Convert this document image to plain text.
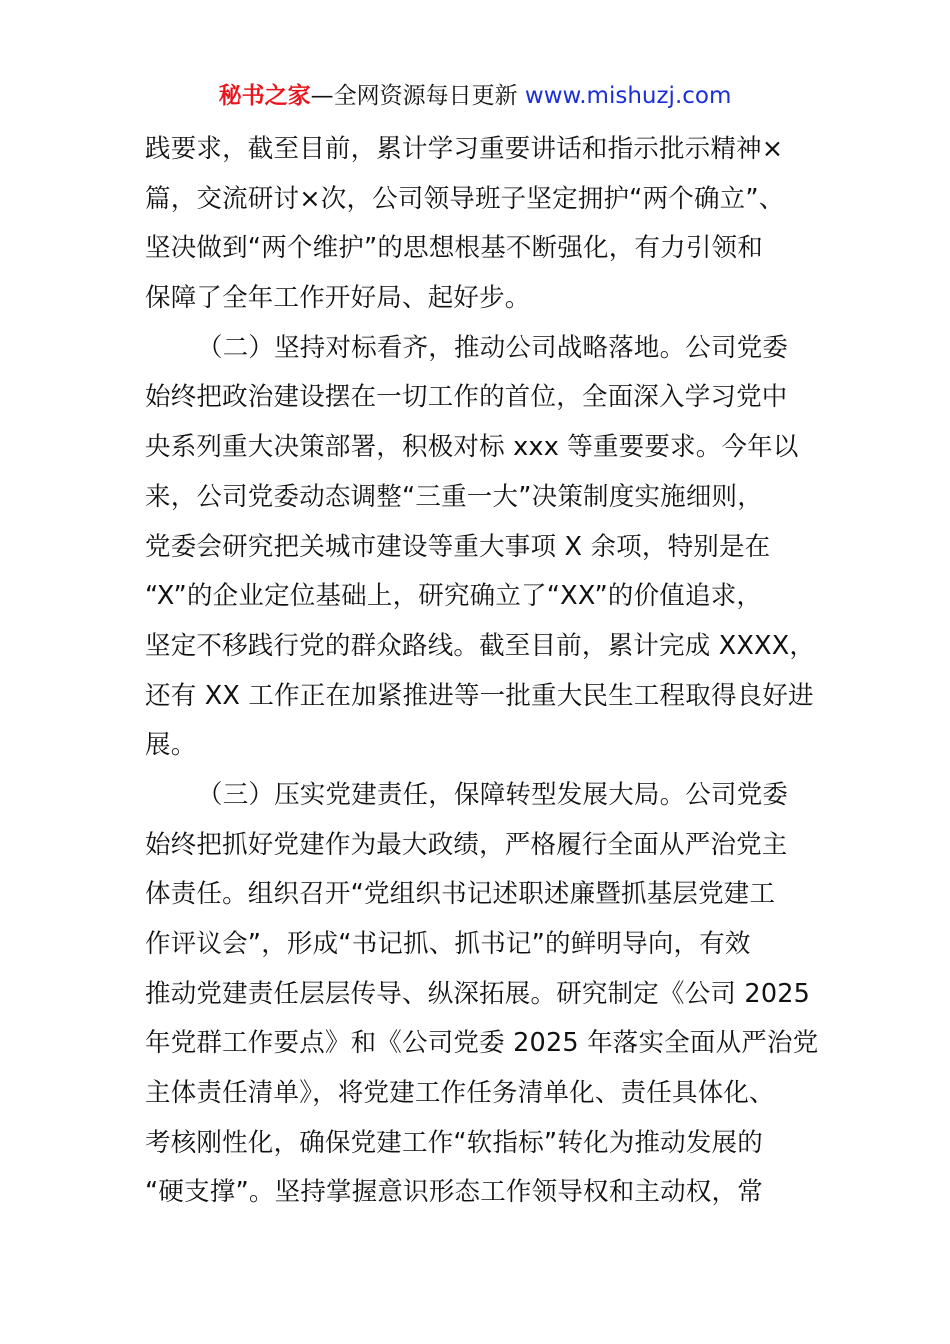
秘书之家—全网资源每日更新 www.mishuzj.com
践要求，截至目前，累计学习重要讲话和指示批示精神×
篇，交流研讨×次，公司领导班子坚定拥护“两个确立”、
坚决做到“两个维护”的思想根基不断强化，有力引领和
保障了全年工作开好局、起好步。
（二）坚持对标看齐，推动公司战略落地。公司党委
始终把政治建设摆在一切工作的首位，全面深入学习党中
央系列重大决策部署，积极对标 xxx 等重要要求。今年以
来，公司党委动态调整“三重一大”决策制度实施细则，
党委会研究把关城市建设等重大事项 X 余项，特别是在
“X”的企业定位基础上，研究确立了“XX”的价值追求，
坚定不移践行党的群众路线。截至目前，累计完成 XXXX，
还有 XX 工作正在加紧推进等一批重大民生工程取得良好进
展。
（三）压实党建责任，保障转型发展大局。公司党委
始终把抓好党建作为最大政绩，严格履行全面从严治党主
体责任。组织召开“党组织书记述职述廉暨抓基层党建工
作评议会”，形成“书记抓、抓书记”的鲜明导向，有效
推动党建责任层层传导、纵深拓展。研究制定《公司 2025
年党群工作要点》和《公司党委 2025 年落实全面从严治党
主体责任清单》，将党建工作任务清单化、责任具体化、
考核刚性化，确保党建工作“软指标”转化为推动发展的
“硬支撑”。坚持掌握意识形态工作领导权和主动权，常
